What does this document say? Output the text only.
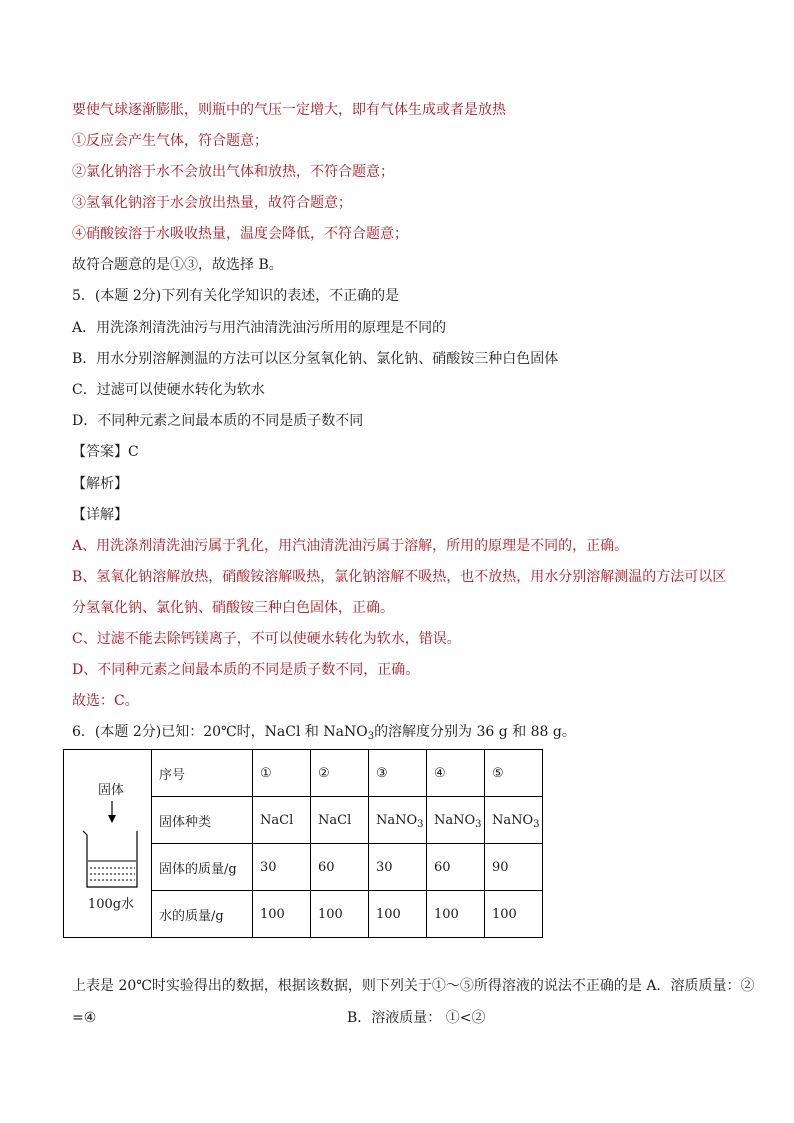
要使气球逐渐膨胀，则瓶中的气压一定增大，即有气体生成或者是放热
①反应会产生气体，符合题意；
②氯化钠溶于水不会放出气体和放热，不符合题意；
③氢氧化钠溶于水会放出热量，故符合题意；
④硝酸铵溶于水吸收热量，温度会降低，不符合题意；
故符合题意的是①③，故选择 B。
5．(本题 2分)下列有关化学知识的表述，不正确的是
A．用洗涤剂清洗油污与用汽油清洗油污所用的原理是不同的
B．用水分别溶解测温的方法可以区分氢氧化钠、氯化钠、硝酸铵三种白色固体
C．过滤可以使硬水转化为软水
D．不同种元素之间最本质的不同是质子数不同
【答案】C
【解析】
【详解】
A、用洗涤剂清洗油污属于乳化，用汽油清洗油污属于溶解，所用的原理是不同的，正确。
B、氢氧化钠溶解放热，硝酸铵溶解吸热，氯化钠溶解不吸热，也不放热，用水分别溶解测温的方法可以区
分氢氧化钠、氯化钠、硝酸铵三种白色固体，正确。
C、过滤不能去除钙镁离子，不可以使硬水转化为软水，错误。
D、不同种元素之间最本质的不同是质子数不同，正确。
故选：C。
6．(本题 2分)已知：20℃时，NaCl 和 NaNO$_3$的溶解度分别为 36 g 和 88 g。
固体
100g水	序号	①	②	③	④	⑤
	固体种类	NaCl	NaCl	NaNO$_3$	NaNO$_3$	NaNO$_3$
	固体的质量/g	30	60	30	60	90
	水的质量/g	100	100	100	100	100
上表是 20℃时实验得出的数据，根据该数据，则下列关于①～⑤所得溶液的说法不正确的是 A．溶质质量：②
=④	B．溶液质量： ①<②
